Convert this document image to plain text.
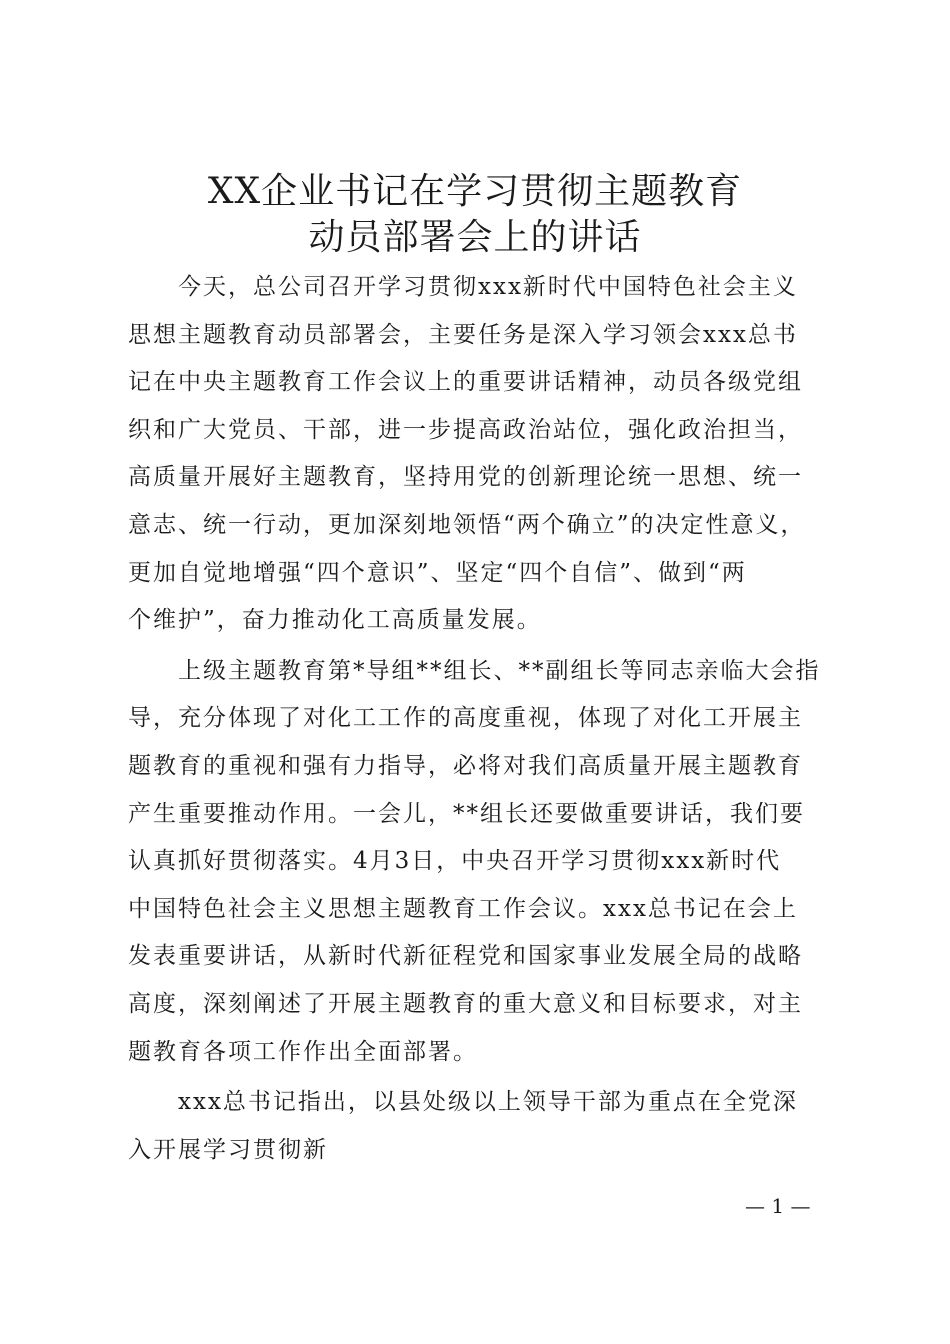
XX企业书记在学习贯彻主题教育
动员部署会上的讲话

今天，总公司召开学习贯彻xxx新时代中国特色社会主义
思想主题教育动员部署会，主要任务是深入学习领会xxx总书
记在中央主题教育工作会议上的重要讲话精神，动员各级党组
织和广大党员、干部，进一步提高政治站位，强化政治担当，
高质量开展好主题教育，坚持用党的创新理论统一思想、统一
意志、统一行动，更加深刻地领悟“两个确立”的决定性意义，
更加自觉地增强“四个意识”、坚定“四个自信”、做到“两
个维护”，奋力推动化工高质量发展。

上级主题教育第*导组**组长、**副组长等同志亲临大会指
导，充分体现了对化工工作的高度重视，体现了对化工开展主
题教育的重视和强有力指导，必将对我们高质量开展主题教育
产生重要推动作用。一会儿，**组长还要做重要讲话，我们要
认真抓好贯彻落实。4月3日，中央召开学习贯彻xxx新时代
中国特色社会主义思想主题教育工作会议。xxx总书记在会上
发表重要讲话，从新时代新征程党和国家事业发展全局的战略
高度，深刻阐述了开展主题教育的重大意义和目标要求，对主
题教育各项工作作出全面部署。

xxx总书记指出，以县处级以上领导干部为重点在全党深
入开展学习贯彻新

— 1 —
